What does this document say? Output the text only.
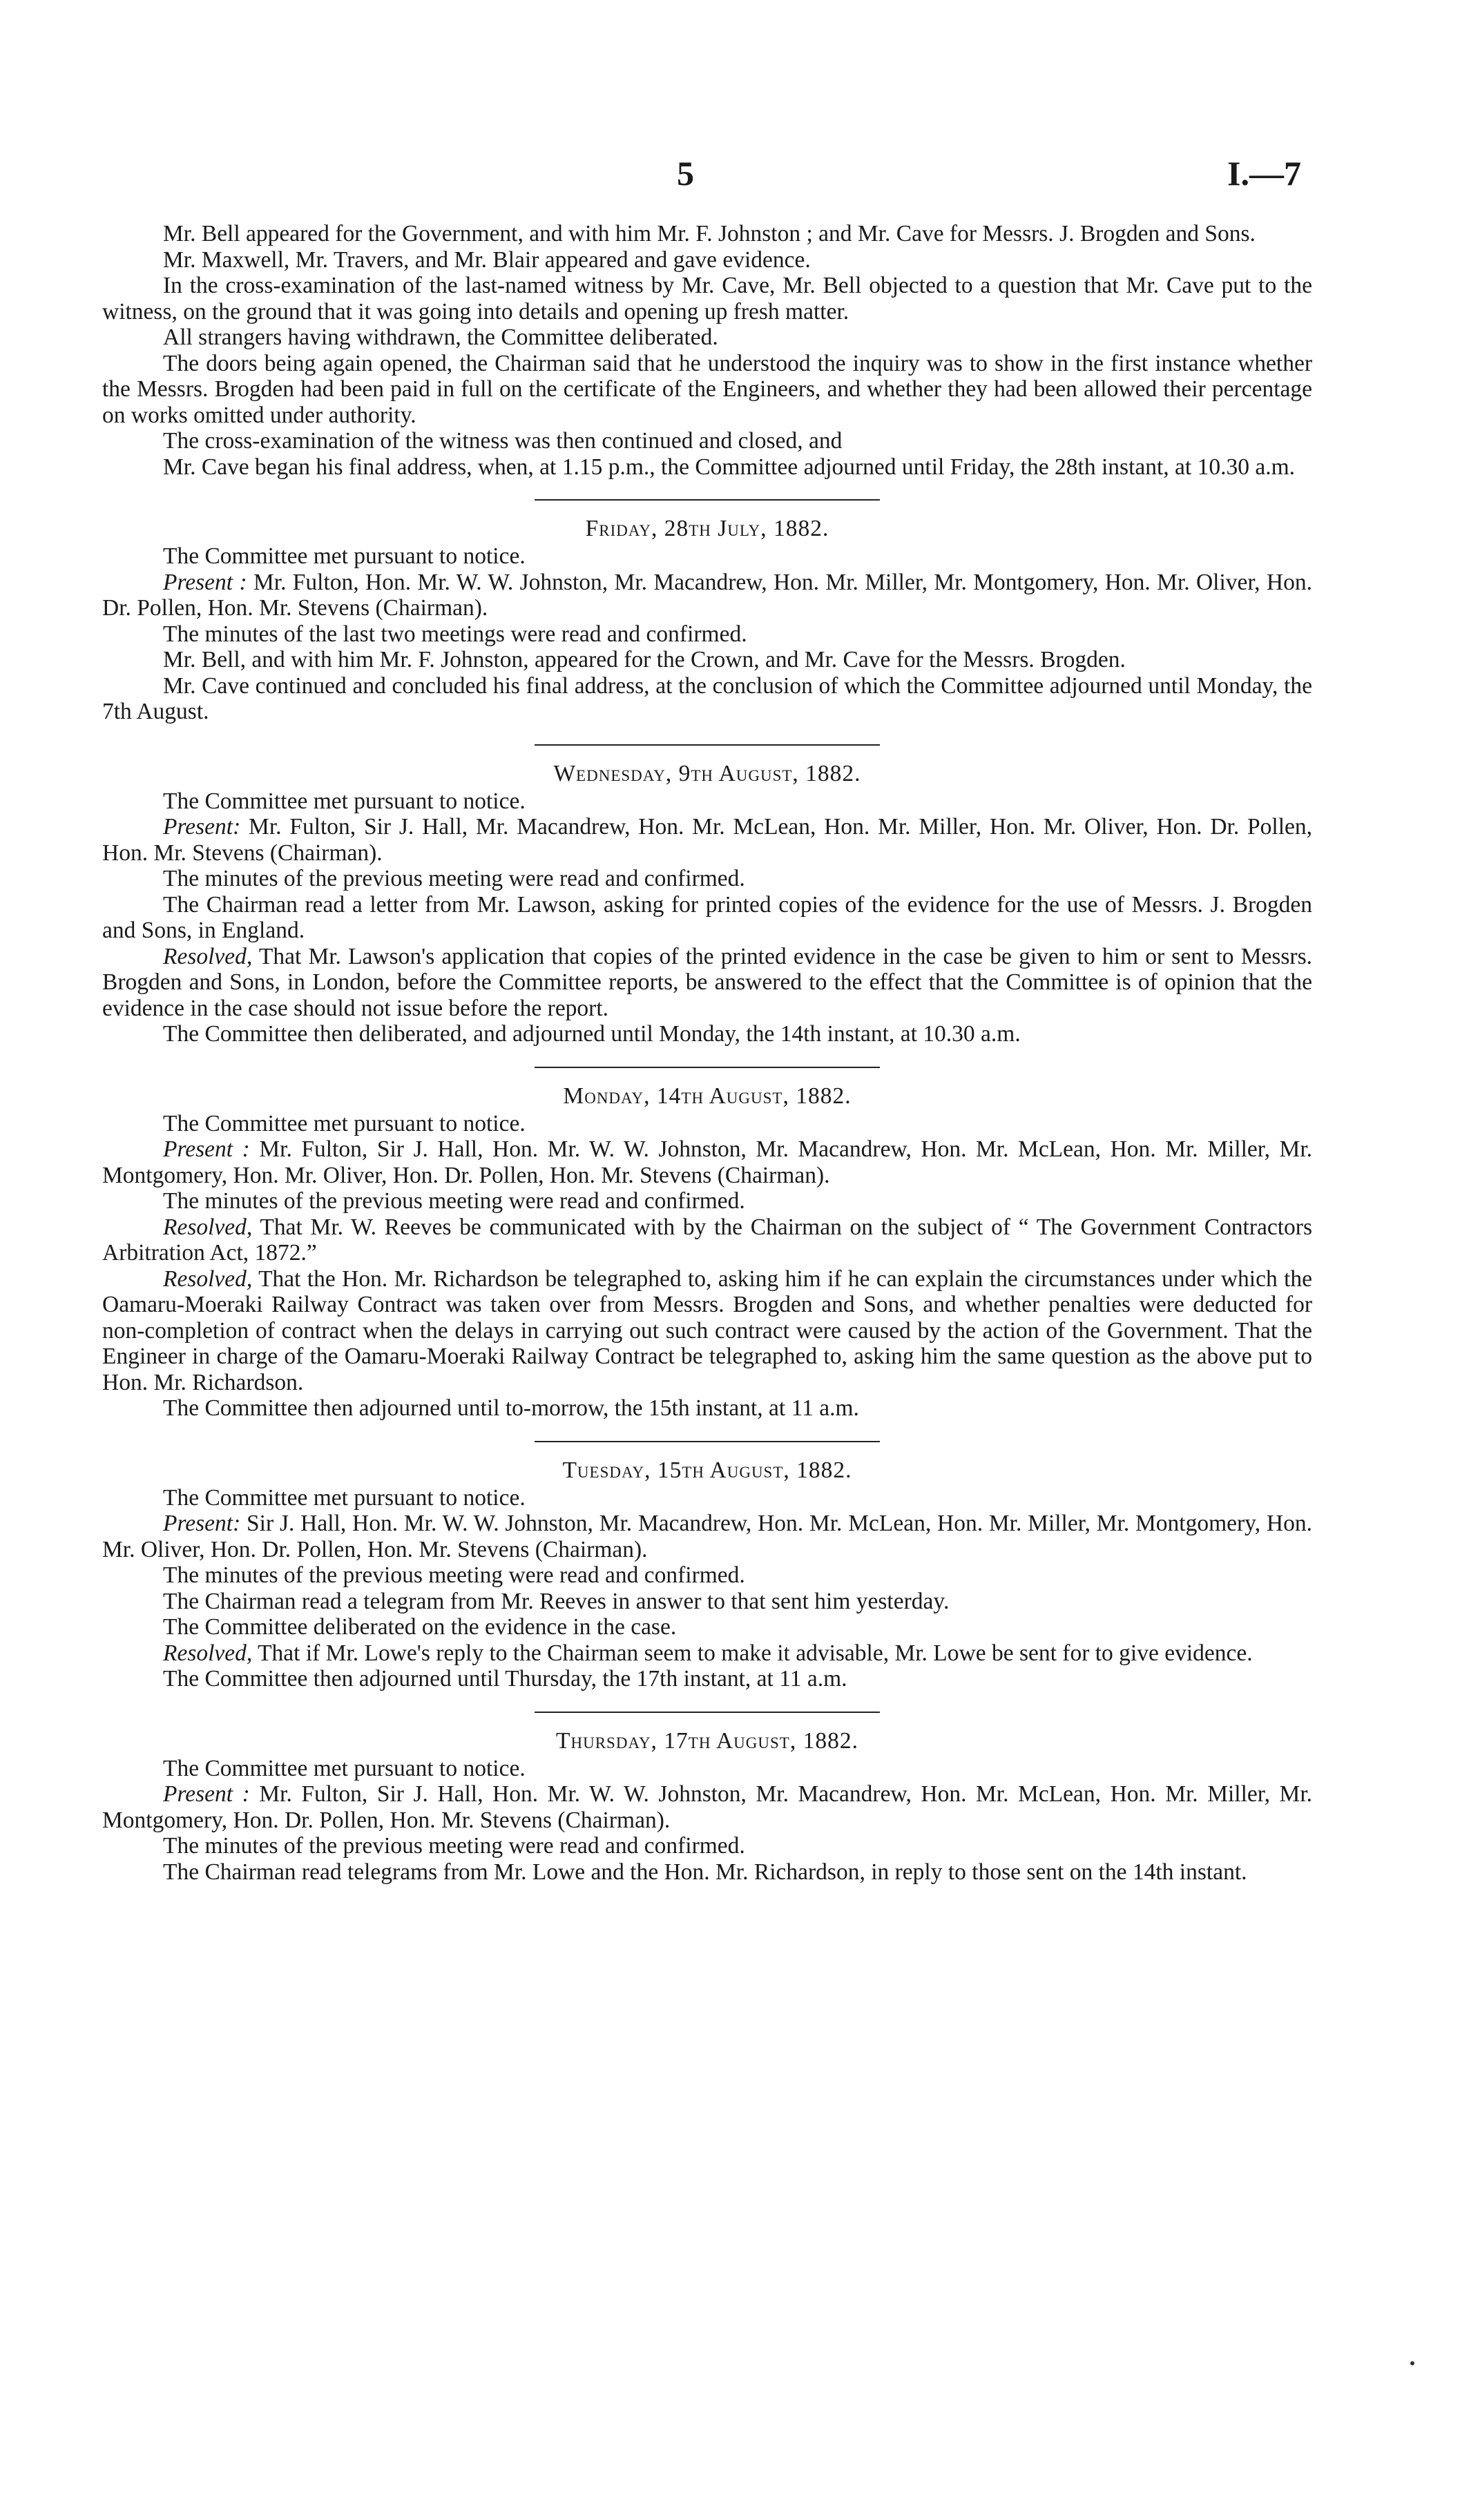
5	I.—7

Mr. Bell appeared for the Government, and with him Mr. F. Johnston ; and Mr. Cave for Messrs. J. Brogden and Sons.

Mr. Maxwell, Mr. Travers, and Mr. Blair appeared and gave evidence.

In the cross-examination of the last-named witness by Mr. Cave, Mr. Bell objected to a question that Mr. Cave put to the witness, on the ground that it was going into details and opening up fresh matter.

All strangers having withdrawn, the Committee deliberated.

The doors being again opened, the Chairman said that he understood the inquiry was to show in the first instance whether the Messrs. Brogden had been paid in full on the certificate of the Engineers, and whether they had been allowed their percentage on works omitted under authority.

The cross-examination of the witness was then continued and closed, and

Mr. Cave began his final address, when, at 1.15 p.m., the Committee adjourned until Friday, the 28th instant, at 10.30 a.m.

Friday, 28th July, 1882.

The Committee met pursuant to notice.

Present : Mr. Fulton, Hon. Mr. W. W. Johnston, Mr. Macandrew, Hon. Mr. Miller, Mr. Montgomery, Hon. Mr. Oliver, Hon. Dr. Pollen, Hon. Mr. Stevens (Chairman).

The minutes of the last two meetings were read and confirmed.

Mr. Bell, and with him Mr. F. Johnston, appeared for the Crown, and Mr. Cave for the Messrs. Brogden.

Mr. Cave continued and concluded his final address, at the conclusion of which the Committee adjourned until Monday, the 7th August.

Wednesday, 9th August, 1882.

The Committee met pursuant to notice.

Present: Mr. Fulton, Sir J. Hall, Mr. Macandrew, Hon. Mr. McLean, Hon. Mr. Miller, Hon. Mr. Oliver, Hon. Dr. Pollen, Hon. Mr. Stevens (Chairman).

The minutes of the previous meeting were read and confirmed.

The Chairman read a letter from Mr. Lawson, asking for printed copies of the evidence for the use of Messrs. J. Brogden and Sons, in England.

Resolved, That Mr. Lawson's application that copies of the printed evidence in the case be given to him or sent to Messrs. Brogden and Sons, in London, before the Committee reports, be answered to the effect that the Committee is of opinion that the evidence in the case should not issue before the report.

The Committee then deliberated, and adjourned until Monday, the 14th instant, at 10.30 a.m.

Monday, 14th August, 1882.

The Committee met pursuant to notice.

Present : Mr. Fulton, Sir J. Hall, Hon. Mr. W. W. Johnston, Mr. Macandrew, Hon. Mr. McLean, Hon. Mr. Miller, Mr. Montgomery, Hon. Mr. Oliver, Hon. Dr. Pollen, Hon. Mr. Stevens (Chairman).

The minutes of the previous meeting were read and confirmed.

Resolved, That Mr. W. Reeves be communicated with by the Chairman on the subject of “ The Government Contractors Arbitration Act, 1872.”

Resolved, That the Hon. Mr. Richardson be telegraphed to, asking him if he can explain the circumstances under which the Oamaru-Moeraki Railway Contract was taken over from Messrs. Brogden and Sons, and whether penalties were deducted for non-completion of contract when the delays in carrying out such contract were caused by the action of the Government. That the Engineer in charge of the Oamaru-Moeraki Railway Contract be telegraphed to, asking him the same question as the above put to Hon. Mr. Richardson.

The Committee then adjourned until to-morrow, the 15th instant, at 11 a.m.

Tuesday, 15th August, 1882.

The Committee met pursuant to notice.

Present: Sir J. Hall, Hon. Mr. W. W. Johnston, Mr. Macandrew, Hon. Mr. McLean, Hon. Mr. Miller, Mr. Montgomery, Hon. Mr. Oliver, Hon. Dr. Pollen, Hon. Mr. Stevens (Chairman).

The minutes of the previous meeting were read and confirmed.

The Chairman read a telegram from Mr. Reeves in answer to that sent him yesterday.

The Committee deliberated on the evidence in the case.

Resolved, That if Mr. Lowe's reply to the Chairman seem to make it advisable, Mr. Lowe be sent for to give evidence.

The Committee then adjourned until Thursday, the 17th instant, at 11 a.m.

Thursday, 17th August, 1882.

The Committee met pursuant to notice.

Present : Mr. Fulton, Sir J. Hall, Hon. Mr. W. W. Johnston, Mr. Macandrew, Hon. Mr. McLean, Hon. Mr. Miller, Mr. Montgomery, Hon. Dr. Pollen, Hon. Mr. Stevens (Chairman).

The minutes of the previous meeting were read and confirmed.

The Chairman read telegrams from Mr. Lowe and the Hon. Mr. Richardson, in reply to those sent on the 14th instant.
